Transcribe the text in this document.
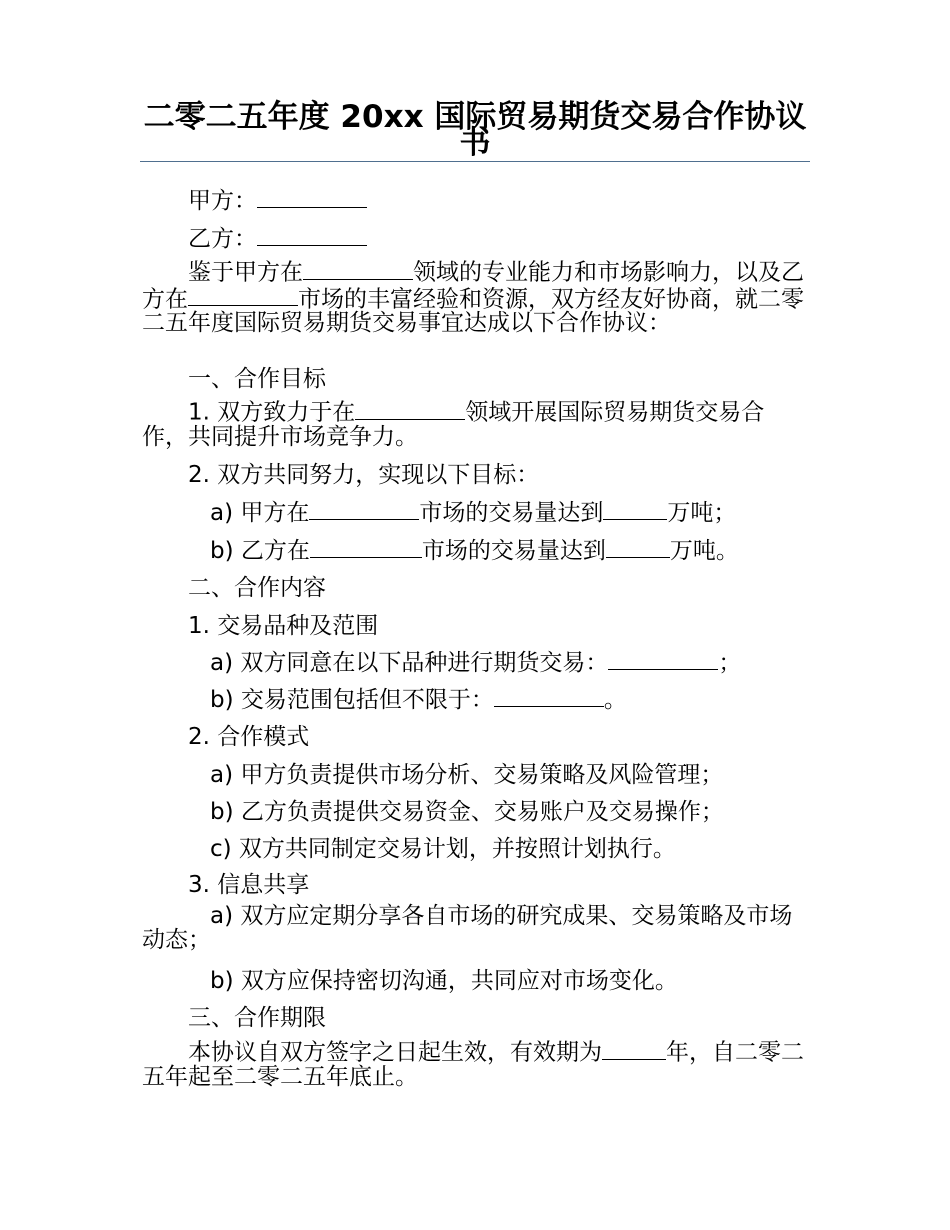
二零二五年度 20xx 国际贸易期货交易合作协议书

甲方：

乙方：

鉴于甲方在	领域的专业能力和市场影响力，以及乙方在	市场的丰富经验和资源，双方经友好协商，就二零二五年度国际贸易期货交易事宜达成以下合作协议：

一、合作目标

1. 双方致力于在	领域开展国际贸易期货交易合作，共同提升市场竞争力。

2. 双方共同努力，实现以下目标：

a) 甲方在	市场的交易量达到	万吨；

b) 乙方在	市场的交易量达到	万吨。

二、合作内容

1. 交易品种及范围

a) 双方同意在以下品种进行期货交易：	；

b) 交易范围包括但不限于：	。

2. 合作模式

a) 甲方负责提供市场分析、交易策略及风险管理；

b) 乙方负责提供交易资金、交易账户及交易操作；

c) 双方共同制定交易计划，并按照计划执行。

3. 信息共享

a) 双方应定期分享各自市场的研究成果、交易策略及市场动态；

b) 双方应保持密切沟通，共同应对市场变化。

三、合作期限

本协议自双方签字之日起生效，有效期为	年，自二零二五年起至二零二五年底止。
